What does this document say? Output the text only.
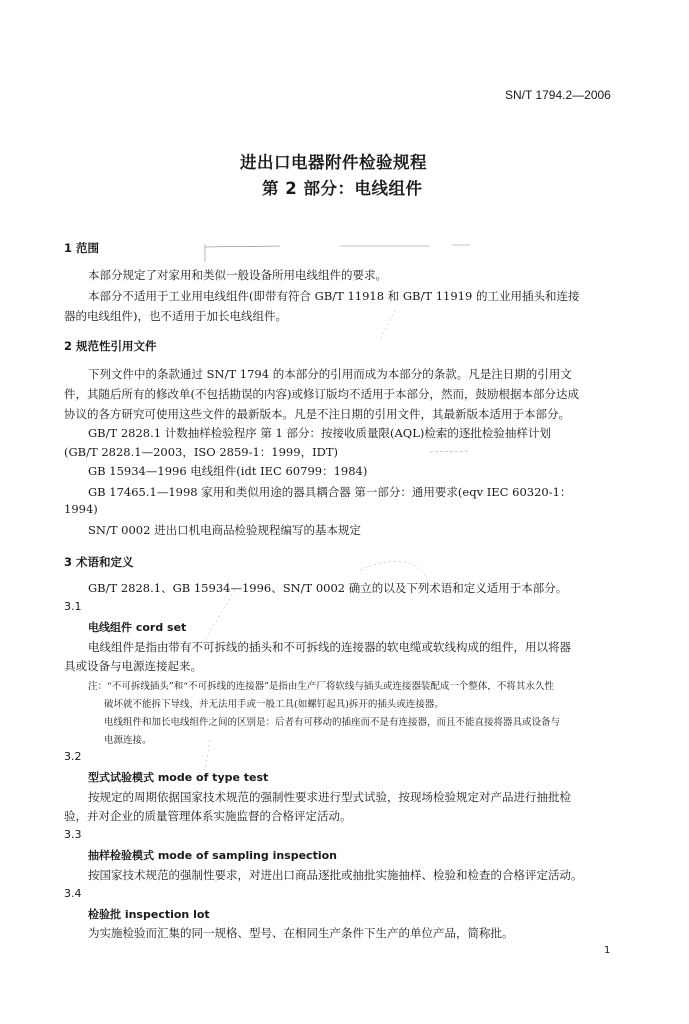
SN/T 1794.2—2006

进出口电器附件检验规程

第 2 部分：电线组件

1 范围

本部分规定了对家用和类似一般设备所用电线组件的要求。

本部分不适用于工业用电线组件(即带有符合 GB/T 11918 和 GB/T 11919 的工业用插头和连接

器的电线组件)，也不适用于加长电线组件。

2 规范性引用文件

下列文件中的条款通过 SN/T 1794 的本部分的引用而成为本部分的条款。凡是注日期的引用文

件，其随后所有的修改单(不包括勘误的内容)或修订版均不适用于本部分，然而，鼓励根据本部分达成

协议的各方研究可使用这些文件的最新版本。凡是不注日期的引用文件，其最新版本适用于本部分。

GB/T 2828.1 计数抽样检验程序 第 1 部分：按接收质量限(AQL)检索的逐批检验抽样计划

(GB/T 2828.1—2003，ISO 2859-1：1999，IDT)

GB 15934—1996 电线组件(idt IEC 60799：1984)

GB 17465.1—1998 家用和类似用途的器具耦合器 第一部分：通用要求(eqv IEC 60320-1：

1994)

SN/T 0002 进出口机电商品检验规程编写的基本规定

3 术语和定义

GB/T 2828.1、GB 15934—1996、SN/T 0002 确立的以及下列术语和定义适用于本部分。

3.1

电线组件 cord set

电线组件是指由带有不可拆线的插头和不可拆线的连接器的软电缆或软线构成的组件，用以将器

具或设备与电源连接起来。

注：“不可拆线插头”和“不可拆线的连接器”是指由生产厂将软线与插头或连接器装配成一个整体，不将其永久性

破坏就不能拆下导线，并无法用手或一般工具(如螺钉起具)拆开的插头或连接器。

电线组件和加长电线组件之间的区别是：后者有可移动的插座而不是有连接器，而且不能直接将器具或设备与

电源连接。

3.2

型式试验模式 mode of type test

按规定的周期依据国家技术规范的强制性要求进行型式试验，按现场检验规定对产品进行抽批检

验，并对企业的质量管理体系实施监督的合格评定活动。

3.3

抽样检验模式 mode of sampling inspection

按国家技术规范的强制性要求，对进出口商品逐批或抽批实施抽样、检验和检查的合格评定活动。

3.4

检验批 inspection lot

为实施检验而汇集的同一规格、型号、在相同生产条件下生产的单位产品，简称批。

1
